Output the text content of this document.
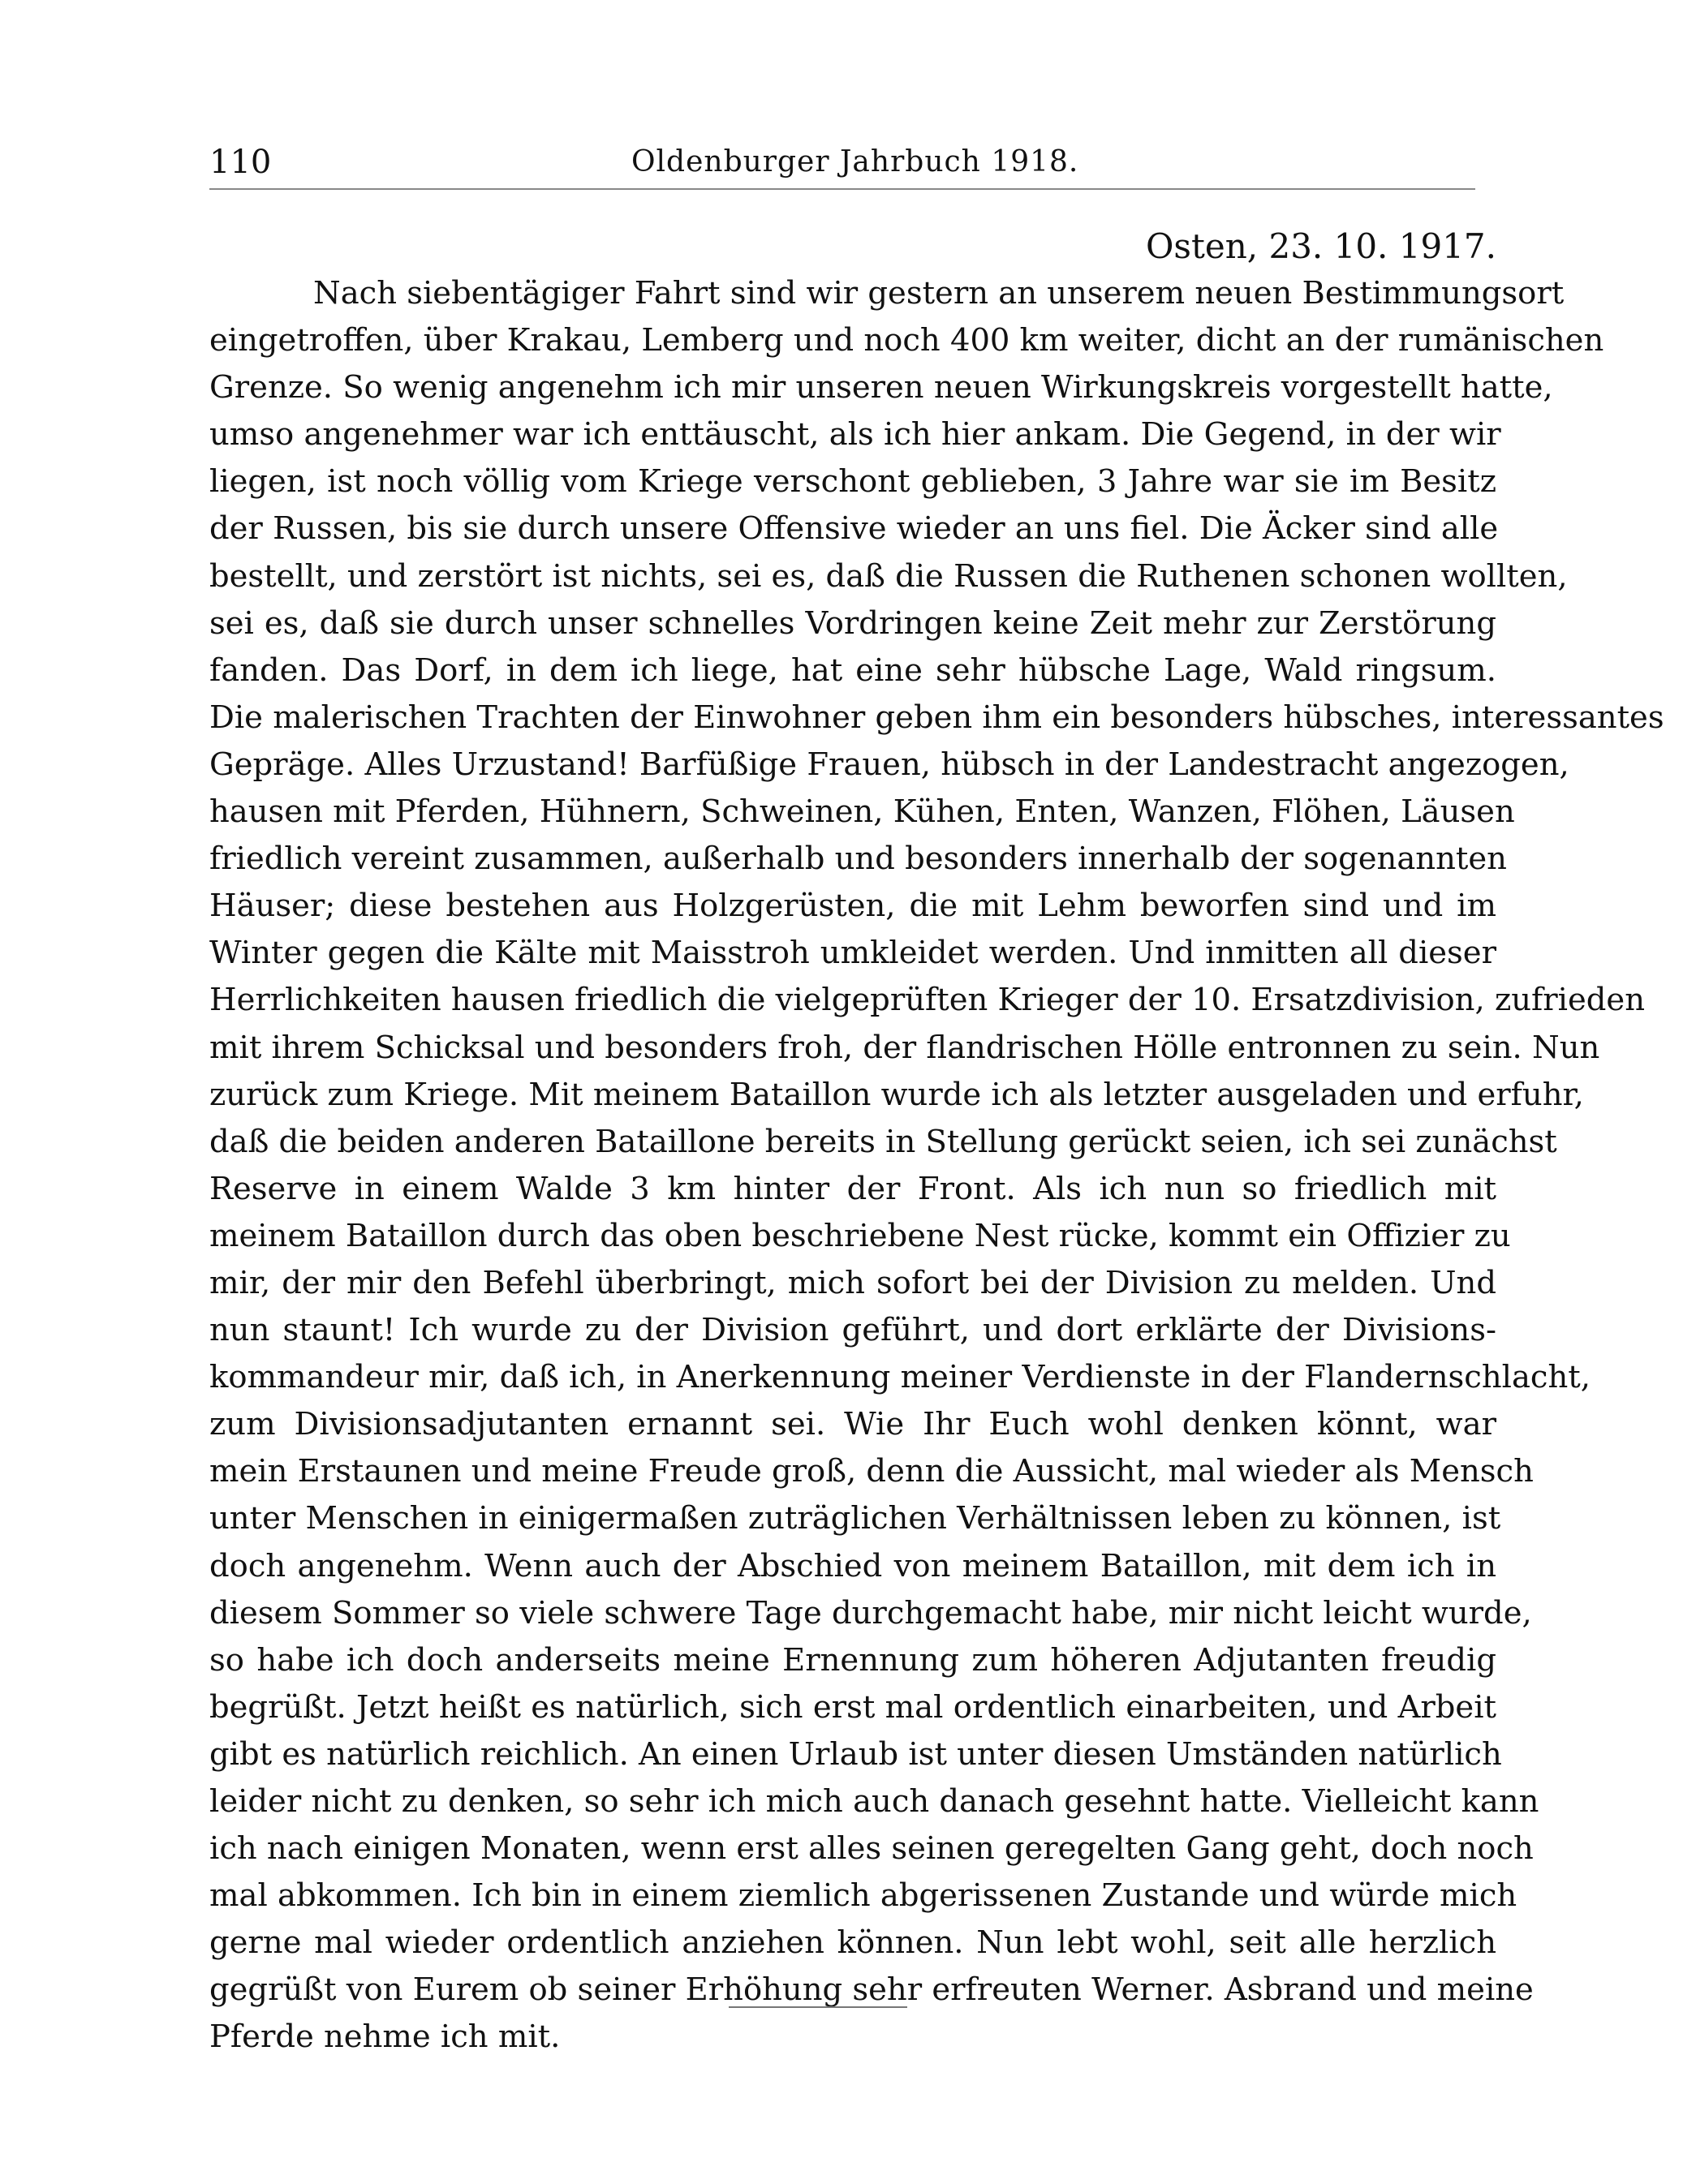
110	Oldenburger Jahrbuch 1918.
Osten, 23. 10. 1917.
Nach siebentägiger Fahrt sind wir gestern an unserem neuen Bestimmungsort
eingetroffen, über Krakau, Lemberg und noch 400 km weiter, dicht an der rumänischen
Grenze. So wenig angenehm ich mir unseren neuen Wirkungskreis vorgestellt hatte,
umso angenehmer war ich enttäuscht, als ich hier ankam. Die Gegend, in der wir
liegen, ist noch völlig vom Kriege verschont geblieben, 3 Jahre war sie im Besitz
der Russen, bis sie durch unsere Offensive wieder an uns fiel. Die Äcker sind alle
bestellt, und zerstört ist nichts, sei es, daß die Russen die Ruthenen schonen wollten,
sei es, daß sie durch unser schnelles Vordringen keine Zeit mehr zur Zerstörung
fanden. Das Dorf, in dem ich liege, hat eine sehr hübsche Lage, Wald ringsum.
Die malerischen Trachten der Einwohner geben ihm ein besonders hübsches, interessantes
Gepräge. Alles Urzustand! Barfüßige Frauen, hübsch in der Landestracht angezogen,
hausen mit Pferden, Hühnern, Schweinen, Kühen, Enten, Wanzen, Flöhen, Läusen
friedlich vereint zusammen, außerhalb und besonders innerhalb der sogenannten
Häuser; diese bestehen aus Holzgerüsten, die mit Lehm beworfen sind und im
Winter gegen die Kälte mit Maisstroh umkleidet werden. Und inmitten all dieser
Herrlichkeiten hausen friedlich die vielgeprüften Krieger der 10. Ersatzdivision, zufrieden
mit ihrem Schicksal und besonders froh, der flandrischen Hölle entronnen zu sein. Nun
zurück zum Kriege. Mit meinem Bataillon wurde ich als letzter ausgeladen und erfuhr,
daß die beiden anderen Bataillone bereits in Stellung gerückt seien, ich sei zunächst
Reserve in einem Walde 3 km hinter der Front. Als ich nun so friedlich mit
meinem Bataillon durch das oben beschriebene Nest rücke, kommt ein Offizier zu
mir, der mir den Befehl überbringt, mich sofort bei der Division zu melden. Und
nun staunt! Ich wurde zu der Division geführt, und dort erklärte der Divisions-
kommandeur mir, daß ich, in Anerkennung meiner Verdienste in der Flandernschlacht,
zum Divisionsadjutanten ernannt sei. Wie Ihr Euch wohl denken könnt, war
mein Erstaunen und meine Freude groß, denn die Aussicht, mal wieder als Mensch
unter Menschen in einigermaßen zuträglichen Verhältnissen leben zu können, ist
doch angenehm. Wenn auch der Abschied von meinem Bataillon, mit dem ich in
diesem Sommer so viele schwere Tage durchgemacht habe, mir nicht leicht wurde,
so habe ich doch anderseits meine Ernennung zum höheren Adjutanten freudig
begrüßt. Jetzt heißt es natürlich, sich erst mal ordentlich einarbeiten, und Arbeit
gibt es natürlich reichlich. An einen Urlaub ist unter diesen Umständen natürlich
leider nicht zu denken, so sehr ich mich auch danach gesehnt hatte. Vielleicht kann
ich nach einigen Monaten, wenn erst alles seinen geregelten Gang geht, doch noch
mal abkommen. Ich bin in einem ziemlich abgerissenen Zustande und würde mich
gerne mal wieder ordentlich anziehen können. Nun lebt wohl, seit alle herzlich
gegrüßt von Eurem ob seiner Erhöhung sehr erfreuten Werner. Asbrand und meine
Pferde nehme ich mit.
